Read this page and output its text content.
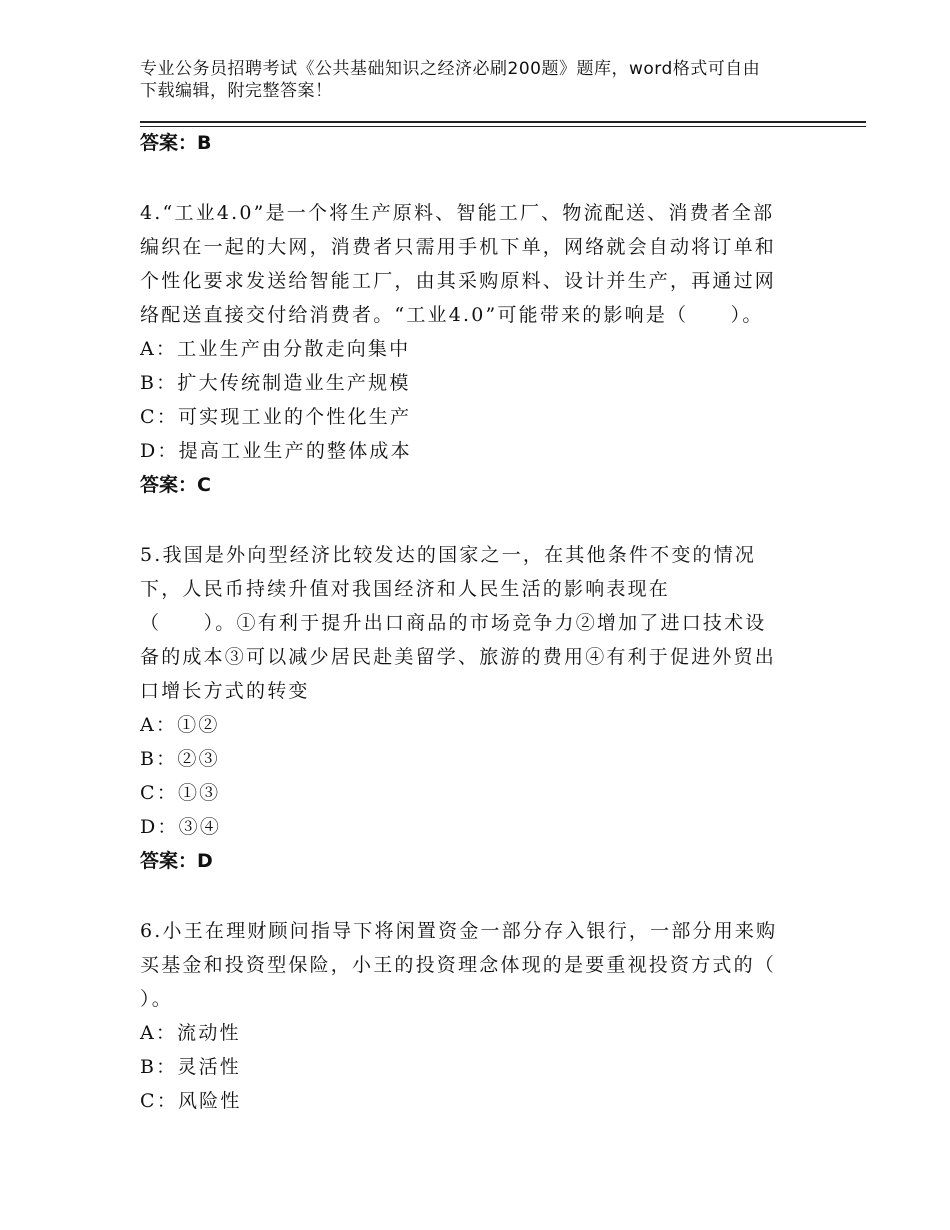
专业公务员招聘考试《公共基础知识之经济必刷200题》题库，word格式可自由
下载编辑，附完整答案！
答案：B
4.“工业4.0”是一个将生产原料、智能工厂、物流配送、消费者全部
编织在一起的大网，消费者只需用手机下单，网络就会自动将订单和
个性化要求发送给智能工厂，由其采购原料、设计并生产，再通过网
络配送直接交付给消费者。“工业4.0”可能带来的影响是（　　）。
A：工业生产由分散走向集中
B：扩大传统制造业生产规模
C：可实现工业的个性化生产
D：提高工业生产的整体成本
答案：C
5.我国是外向型经济比较发达的国家之一，在其他条件不变的情况
下，人民币持续升值对我国经济和人民生活的影响表现在
（　　）。①有利于提升出口商品的市场竞争力②增加了进口技术设
备的成本③可以减少居民赴美留学、旅游的费用④有利于促进外贸出
口增长方式的转变
A：①②
B：②③
C：①③
D：③④
答案：D
6.小王在理财顾问指导下将闲置资金一部分存入银行，一部分用来购
买基金和投资型保险，小王的投资理念体现的是要重视投资方式的（
）。
A：流动性
B：灵活性
C：风险性
